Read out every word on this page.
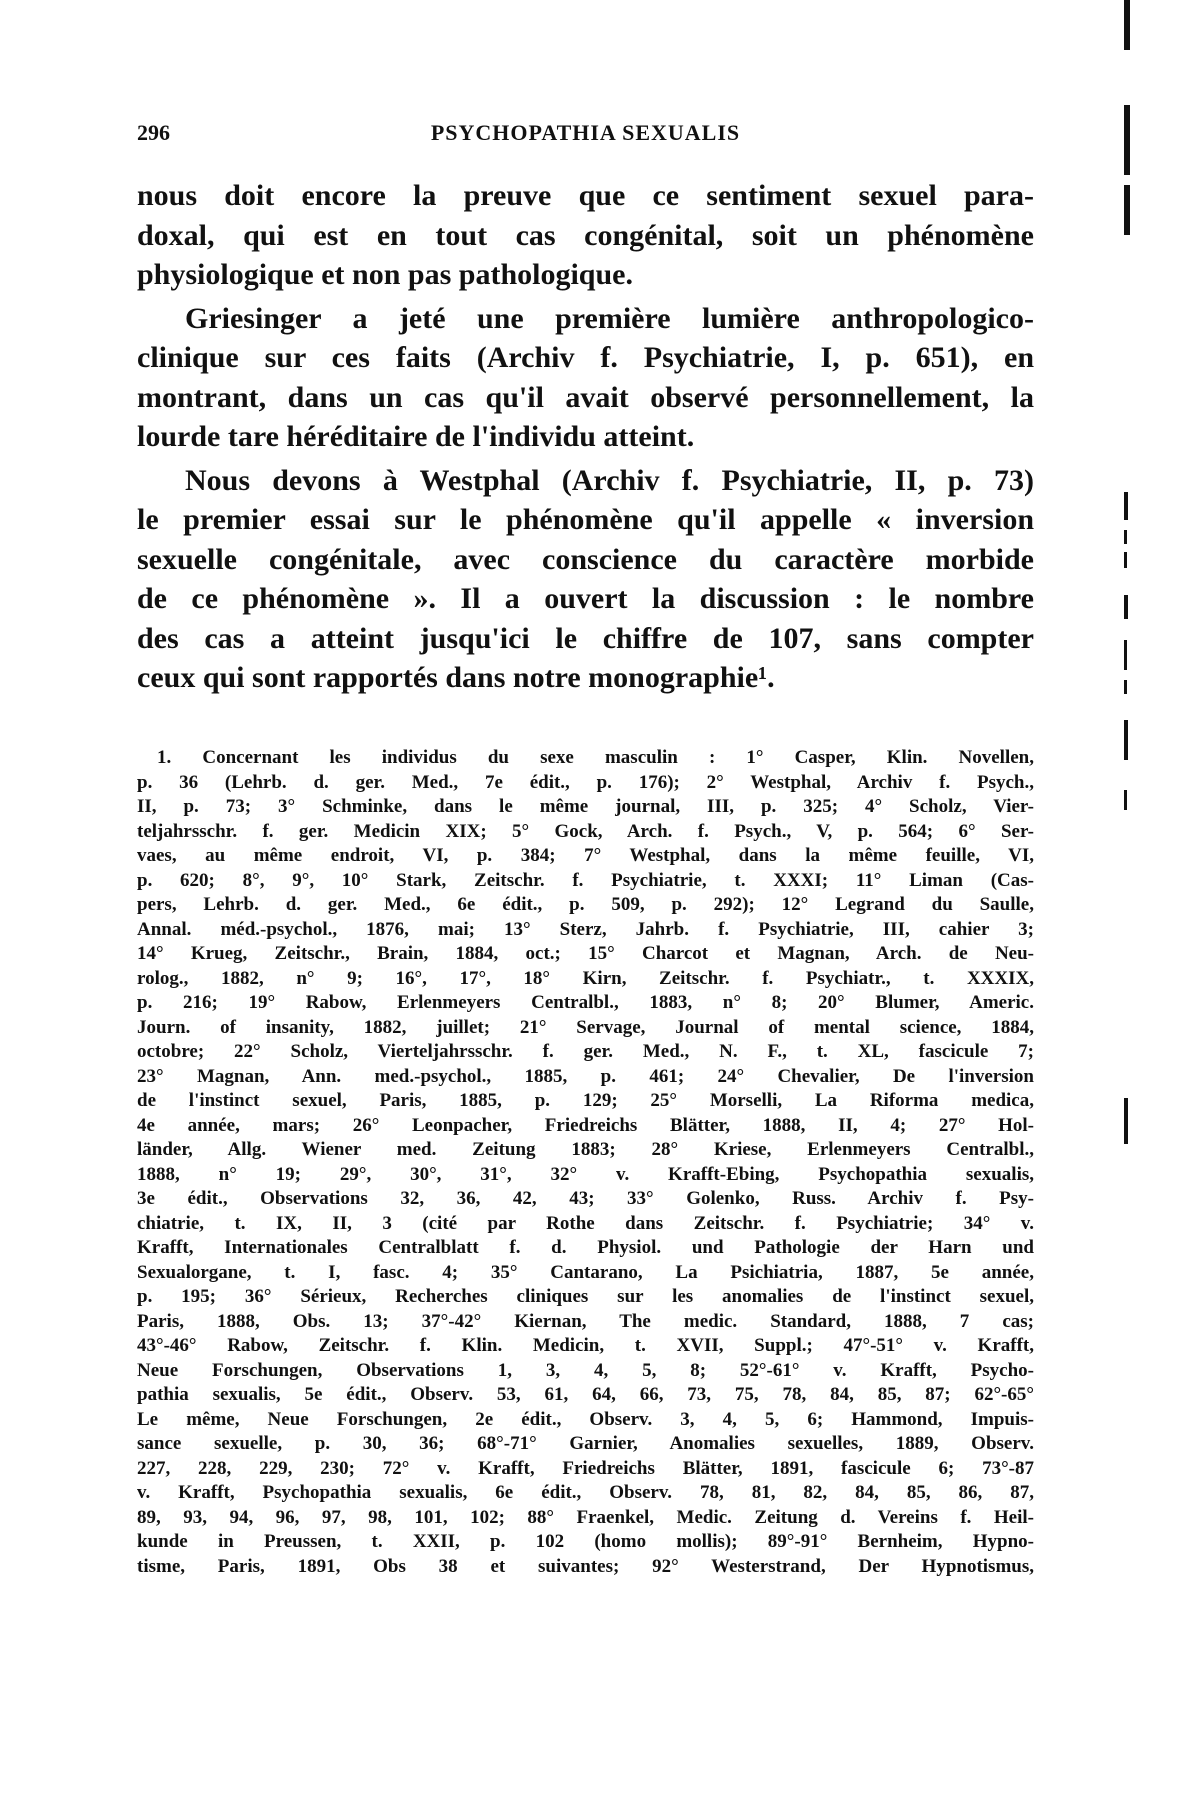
296	PSYCHOPATHIA SEXUALIS
nous doit encore la preuve que ce sentiment sexuel para-
doxal, qui est en tout cas congénital, soit un phénomène
physiologique et non pas pathologique.
Griesinger a jeté une première lumière anthropologico-
clinique sur ces faits (Archiv f. Psychiatrie, I, p. 651), en
montrant, dans un cas qu'il avait observé personnellement, la
lourde tare héréditaire de l'individu atteint.
Nous devons à Westphal (Archiv f. Psychiatrie, II, p. 73)
le premier essai sur le phénomène qu'il appelle « inversion
sexuelle congénitale, avec conscience du caractère morbide
de ce phénomène ». Il a ouvert la discussion : le nombre
des cas a atteint jusqu'ici le chiffre de 107, sans compter
ceux qui sont rapportés dans notre monographie¹.
1. Concernant les individus du sexe masculin : 1° Casper, Klin. Novellen,
p. 36 (Lehrb. d. ger. Med., 7e édit., p. 176); 2° Westphal, Archiv f. Psych.,
II, p. 73; 3° Schminke, dans le même journal, III, p. 325; 4° Scholz, Vier-
teljahrsschr. f. ger. Medicin XIX; 5° Gock, Arch. f. Psych., V, p. 564; 6° Ser-
vaes, au même endroit, VI, p. 384; 7° Westphal, dans la même feuille, VI,
p. 620; 8°, 9°, 10° Stark, Zeitschr. f. Psychiatrie, t. XXXI; 11° Liman (Cas-
pers, Lehrb. d. ger. Med., 6e édit., p. 509, p. 292); 12° Legrand du Saulle,
Annal. méd.-psychol., 1876, mai; 13° Sterz, Jahrb. f. Psychiatrie, III, cahier 3;
14° Krueg, Zeitschr., Brain, 1884, oct.; 15° Charcot et Magnan, Arch. de Neu-
rolog., 1882, n° 9; 16°, 17°, 18° Kirn, Zeitschr. f. Psychiatr., t. XXXIX,
p. 216; 19° Rabow, Erlenmeyers Centralbl., 1883, n° 8; 20° Blumer, Americ.
Journ. of insanity, 1882, juillet; 21° Servage, Journal of mental science, 1884,
octobre; 22° Scholz, Vierteljahrsschr. f. ger. Med., N. F., t. XL, fascicule 7;
23° Magnan, Ann. med.-psychol., 1885, p. 461; 24° Chevalier, De l'inversion
de l'instinct sexuel, Paris, 1885, p. 129; 25° Morselli, La Riforma medica,
4e année, mars; 26° Leonpacher, Friedreichs Blätter, 1888, II, 4; 27° Hol-
länder, Allg. Wiener med. Zeitung 1883; 28° Kriese, Erlenmeyers Centralbl.,
1888, n° 19; 29°, 30°, 31°, 32° v. Krafft-Ebing, Psychopathia sexualis,
3e édit., Observations 32, 36, 42, 43; 33° Golenko, Russ. Archiv f. Psy-
chiatrie, t. IX, II, 3 (cité par Rothe dans Zeitschr. f. Psychiatrie; 34° v.
Krafft, Internationales Centralblatt f. d. Physiol. und Pathologie der Harn und
Sexualorgane, t. I, fasc. 4; 35° Cantarano, La Psichiatria, 1887, 5e année,
p. 195; 36° Sérieux, Recherches cliniques sur les anomalies de l'instinct sexuel,
Paris, 1888, Obs. 13; 37°-42° Kiernan, The medic. Standard, 1888, 7 cas;
43°-46° Rabow, Zeitschr. f. Klin. Medicin, t. XVII, Suppl.; 47°-51° v. Krafft,
Neue Forschungen, Observations 1, 3, 4, 5, 8; 52°-61° v. Krafft, Psycho-
pathia sexualis, 5e édit., Observ. 53, 61, 64, 66, 73, 75, 78, 84, 85, 87; 62°-65°
Le même, Neue Forschungen, 2e édit., Observ. 3, 4, 5, 6; Hammond, Impuis-
sance sexuelle, p. 30, 36; 68°-71° Garnier, Anomalies sexuelles, 1889, Observ.
227, 228, 229, 230; 72° v. Krafft, Friedreichs Blätter, 1891, fascicule 6; 73°-87
v. Krafft, Psychopathia sexualis, 6e édit., Observ. 78, 81, 82, 84, 85, 86, 87,
89, 93, 94, 96, 97, 98, 101, 102; 88° Fraenkel, Medic. Zeitung d. Vereins f. Heil-
kunde in Preussen, t. XXII, p. 102 (homo mollis); 89°-91° Bernheim, Hypno-
tisme, Paris, 1891, Obs 38 et suivantes; 92° Westerstrand, Der Hypnotismus,
